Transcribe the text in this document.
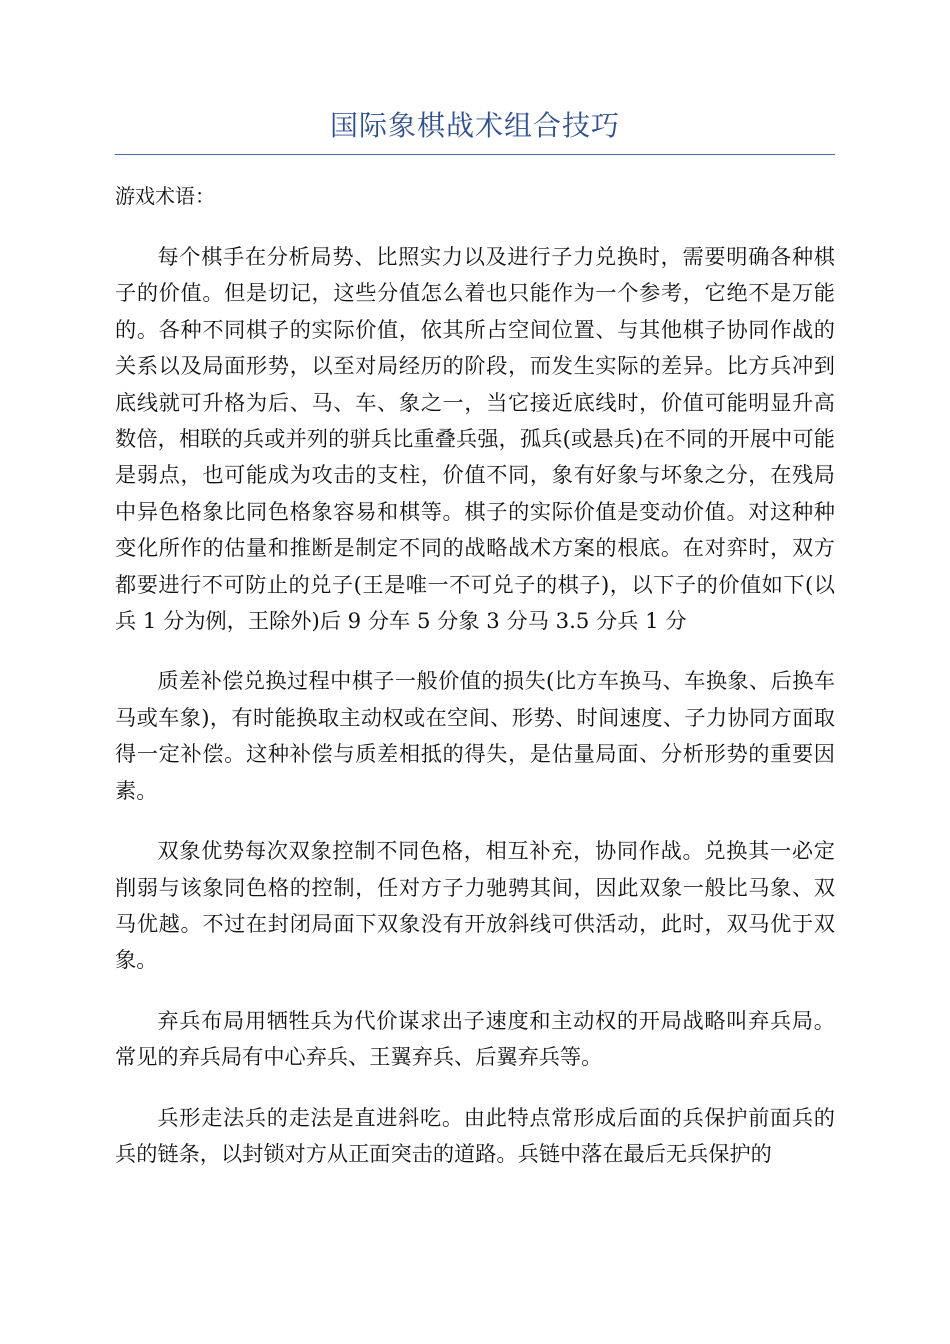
国际象棋战术组合技巧

游戏术语：

每个棋手在分析局势、比照实力以及进行子力兑换时，需要明确各种棋子的价值。但是切记，这些分值怎么着也只能作为一个参考，它绝不是万能的。各种不同棋子的实际价值，依其所占空间位置、与其他棋子协同作战的关系以及局面形势，以至对局经历的阶段，而发生实际的差异。比方兵冲到底线就可升格为后、马、车、象之一，当它接近底线时，价值可能明显升高数倍，相联的兵或并列的骈兵比重叠兵强，孤兵(或悬兵)在不同的开展中可能是弱点，也可能成为攻击的支柱，价值不同，象有好象与坏象之分，在残局中异色格象比同色格象容易和棋等。棋子的实际价值是变动价值。对这种种变化所作的估量和推断是制定不同的战略战术方案的根底。在对弈时，双方都要进行不可防止的兑子(王是唯一不可兑子的棋子)，以下子的价值如下(以兵 1 分为例，王除外)后 9 分车 5 分象 3 分马 3.5 分兵 1 分

质差补偿兑换过程中棋子一般价值的损失(比方车换马、车换象、后换车马或车象)，有时能换取主动权或在空间、形势、时间速度、子力协同方面取得一定补偿。这种补偿与质差相抵的得失，是估量局面、分析形势的重要因素。

双象优势每次双象控制不同色格，相互补充，协同作战。兑换其一必定削弱与该象同色格的控制，任对方子力驰骋其间，因此双象一般比马象、双马优越。不过在封闭局面下双象没有开放斜线可供活动，此时，双马优于双象。

弃兵布局用牺牲兵为代价谋求出子速度和主动权的开局战略叫弃兵局。常见的弃兵局有中心弃兵、王翼弃兵、后翼弃兵等。

兵形走法兵的走法是直进斜吃。由此特点常形成后面的兵保护前面兵的兵的链条，以封锁对方从正面突击的道路。兵链中落在最后无兵保护的
